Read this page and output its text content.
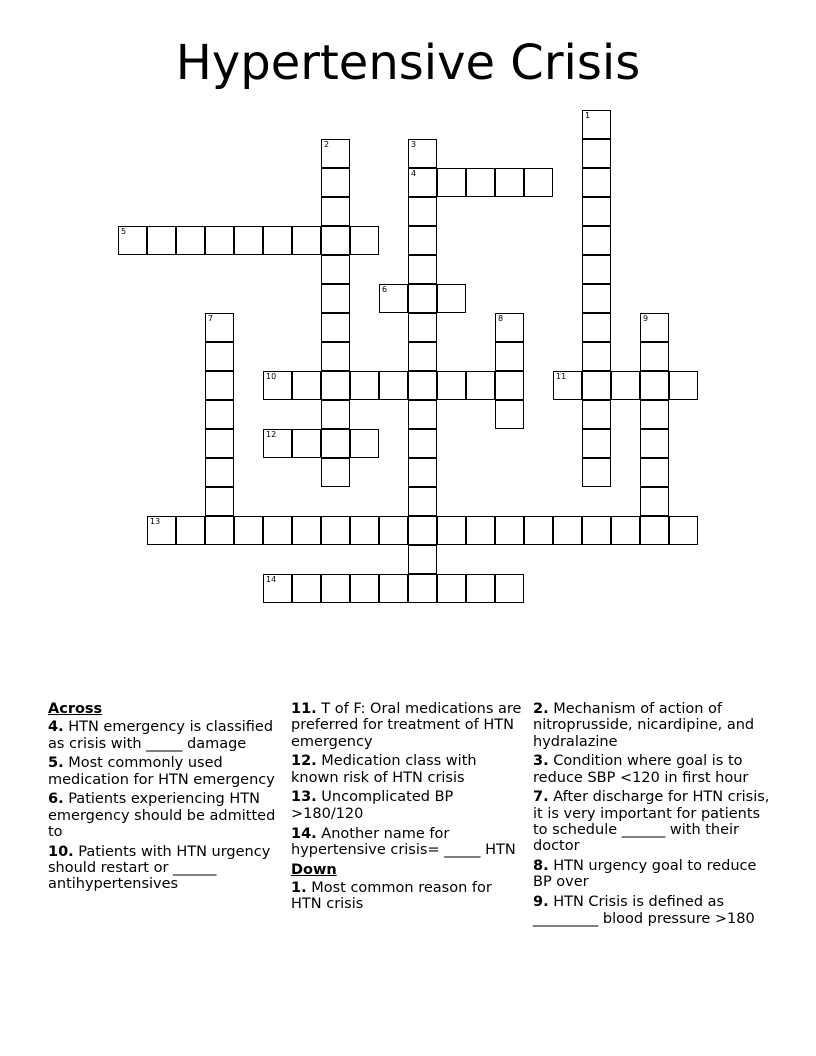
Hypertensive Crisis
1
2	3
4
5
6
7	8	9
10	11
12
13
14
Across
4. HTN emergency is classified as crisis with _____ damage
5. Most commonly used medication for HTN emergency
6. Patients experiencing HTN emergency should be admitted to
10. Patients with HTN urgency should restart or ______ antihypertensives
11. T of F: Oral medications are preferred for treatment of HTN emergency
12. Medication class with known risk of HTN crisis
13. Uncomplicated BP >180/120
14. Another name for hypertensive crisis= _____ HTN
Down
1. Most common reason for HTN crisis
2. Mechanism of action of nitroprusside, nicardipine, and hydralazine
3. Condition where goal is to reduce SBP <120 in first hour
7. After discharge for HTN crisis, it is very important for patients to schedule ______ with their doctor
8. HTN urgency goal to reduce BP over
9. HTN Crisis is defined as _________ blood pressure >180
